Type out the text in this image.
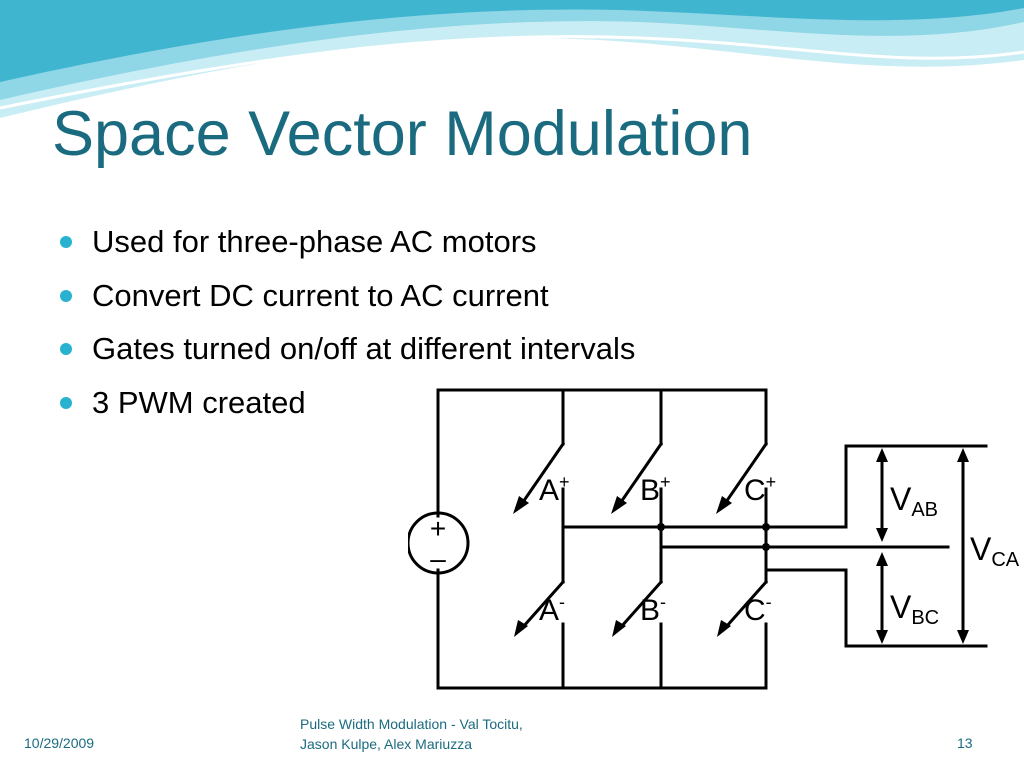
Space Vector Modulation
Used for three-phase AC motors
Convert DC current to AC current
Gates turned on/off at different intervals
3 PWM created
+
–
A+ B+ C+
A- B-	C-
VAB
VBC
VCA
10/29/2009
Pulse Width Modulation - Val Tocitu,
Jason Kulpe, Alex Mariuzza	13
